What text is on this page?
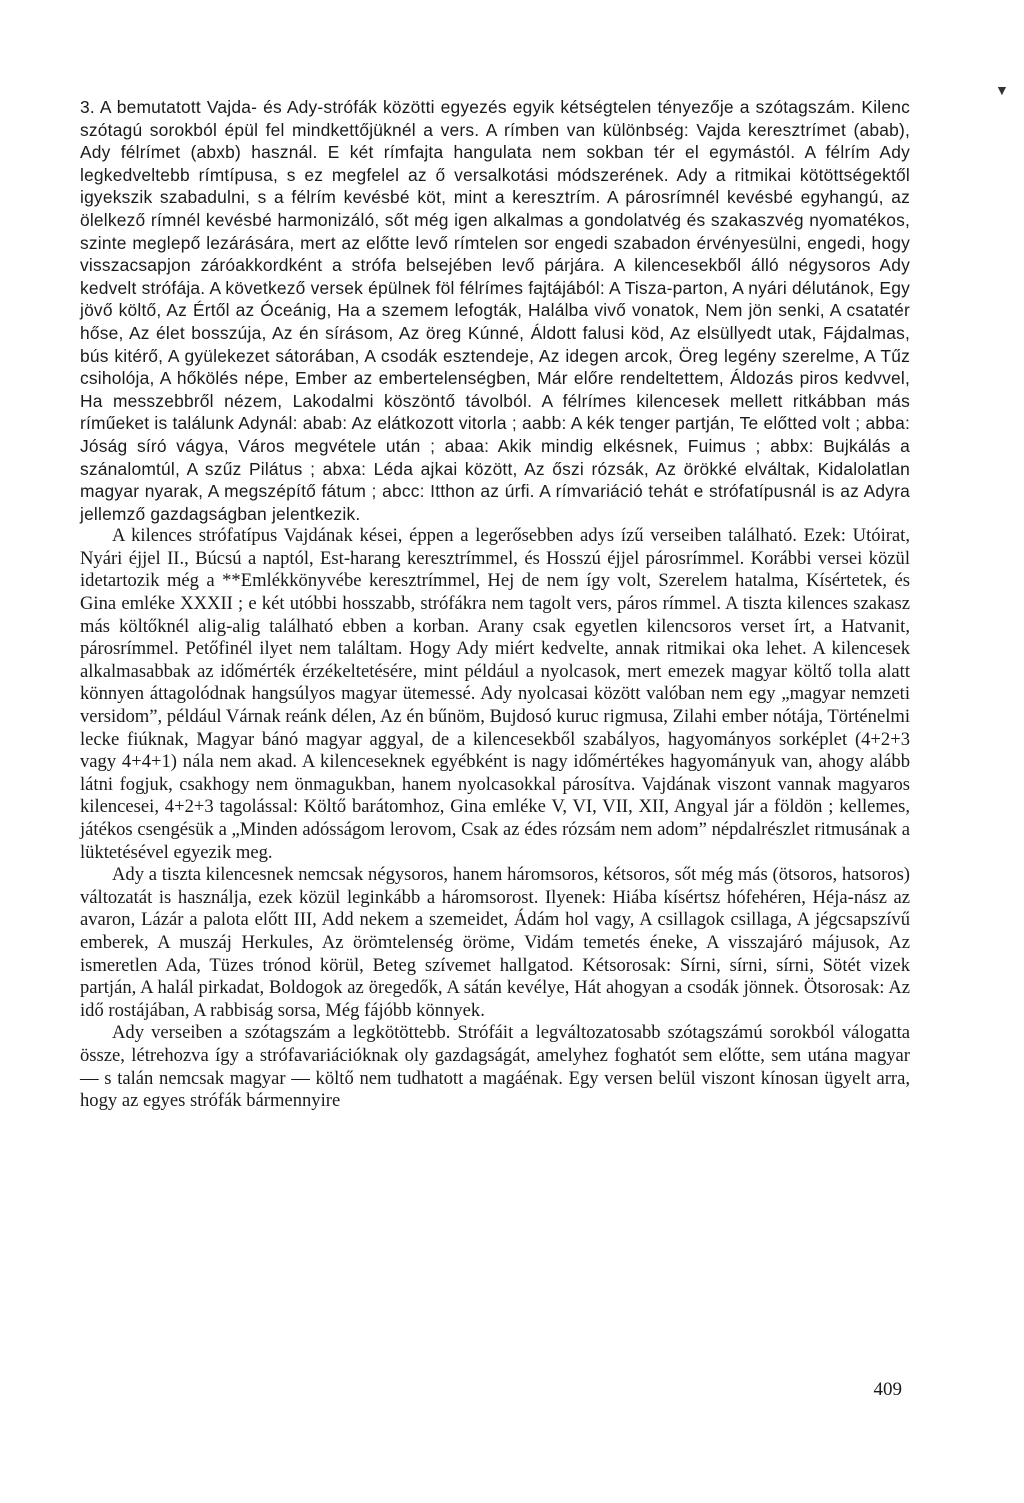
▼

3. A bemutatott Vajda- és Ady-strófák közötti egyezés egyik kétségtelen tényezője a szótagszám. Kilenc szótagú sorokból épül fel mindkettőjüknél a vers. A rímben van különbség: Vajda keresztrímet (abab), Ady félrímet (abxb) használ. E két rímfajta hangulata nem sokban tér el egymástól. A félrím Ady legkedveltebb rímtípusa, s ez megfelel az ő versalkotási módszerének. Ady a ritmikai kötöttségektől igyekszik szabadulni, s a félrím kevésbé köt, mint a keresztrím. A párosrímnél kevésbé egyhangú, az ölelkező rímnél kevésbé harmonizáló, sőt még igen alkalmas a gondolatvég és szakaszvég nyomatékos, szinte meglepő lezárására, mert az előtte levő rímtelen sor engedi szabadon érvényesülni, engedi, hogy visszacsapjon záróakkordként a strófa belsejében levő párjára. A kilencesekből álló négysoros Ady kedvelt strófája. A következő versek épülnek föl félrímes fajtájából: A Tisza-parton, A nyári délutánok, Egy jövő költő, Az Értől az Óceánig, Ha a szemem lefogták, Halálba vivő vonatok, Nem jön senki, A csatatér hőse, Az élet bosszúja, Az én sírásom, Az öreg Kúnné, Áldott falusi köd, Az elsüllyedt utak, Fájdalmas, bús kitérő, A gyülekezet sátorában, A csodák esztendeje, Az idegen arcok, Öreg legény szerelme, A Tűz csiholója, A hőkölés népe, Ember az embertelenségben, Már előre rendeltettem, Áldozás piros kedvvel, Ha messzebbről nézem, Lakodalmi köszöntő távolból. A félrímes kilencesek mellett ritkábban más ríműeket is találunk Adynál: abab: Az elátkozott vitorla ; aabb: A kék tenger partján, Te előtted volt ; abba: Jóság síró vágya, Város megvétele után ; abaa: Akik mindig elkésnek, Fuimus ; abbx: Bujkálás a szánalomtúl, A szűz Pilátus ; abxa: Léda ajkai között, Az őszi rózsák, Az örökké elváltak, Kidalolatlan magyar nyarak, A megszépítő fátum ; abcc: Itthon az úrfi. A rímvariáció tehát e strófatípusnál is az Adyra jellemző gazdagságban jelentkezik.

A kilences strófatípus Vajdának kései, éppen a legerősebben adys ízű verseiben található. Ezek: Utóirat, Nyári éjjel II., Búcsú a naptól, Est-harang keresztrímmel, és Hosszú éjjel párosrímmel. Korábbi versei közül idetartozik még a **Emlékkönyvébe keresztrímmel, Hej de nem így volt, Szerelem hatalma, Kísértetek, és Gina emléke XXXII ; e két utóbbi hosszabb, strófákra nem tagolt vers, páros rímmel. A tiszta kilences szakasz más költőknél alig-alig található ebben a korban. Arany csak egyetlen kilencsoros verset írt, a Hatvanit, párosrímmel. Petőfinél ilyet nem találtam. Hogy Ady miért kedvelte, annak ritmikai oka lehet. A kilencesek alkalmasabbak az időmérték érzékeltetésére, mint például a nyolcasok, mert emezek magyar költő tolla alatt könnyen áttagolódnak hangsúlyos magyar ütemessé. Ady nyolcasai között valóban nem egy „magyar nemzeti versidom”, például Várnak reánk délen, Az én bűnöm, Bujdosó kuruc rigmusa, Zilahi ember nótája, Történelmi lecke fiúknak, Magyar bánó magyar aggyal, de a kilencesekből szabályos, hagyományos sorképlet (4+2+3 vagy 4+4+1) nála nem akad. A kilenceseknek egyébként is nagy időmértékes hagyományuk van, ahogy alább látni fogjuk, csakhogy nem önmagukban, hanem nyolcasokkal párosítva. Vajdának viszont vannak magyaros kilencesei, 4+2+3 tagolással: Költő barátomhoz, Gina emléke V, VI, VII, XII, Angyal jár a földön ; kellemes, játékos csengésük a „Minden adósságom lerovom, Csak az édes rózsám nem adom” népdalrészlet ritmusának a lüktetésével egyezik meg.

Ady a tiszta kilencesnek nemcsak négysoros, hanem háromsoros, kétsoros, sőt még más (ötsoros, hatsoros) változatát is használja, ezek közül leginkább a háromsorost. Ilyenek: Hiába kísértsz hófehéren, Héja-nász az avaron, Lázár a palota előtt III, Add nekem a szemeidet, Ádám hol vagy, A csillagok csillaga, A jégcsapszívű emberek, A muszáj Herkules, Az örömtelenség öröme, Vidám temetés éneke, A visszajáró májusok, Az ismeretlen Ada, Tüzes trónod körül, Beteg szívemet hallgatod. Kétsorosak: Sírni, sírni, sírni, Sötét vizek partján, A halál pirkadat, Boldogok az öregedők, A sátán kevélye, Hát ahogyan a csodák jönnek. Ötsorosak: Az idő rostájában, A rabbiság sorsa, Még fájóbb könnyek.

Ady verseiben a szótagszám a legkötöttebb. Strófáit a legváltozatosabb szótagszámú sorokból válogatta össze, létrehozva így a strófavariációknak oly gazdagságát, amelyhez foghatót sem előtte, sem utána magyar — s talán nemcsak magyar — költő nem tudhatott a magáénak. Egy versen belül viszont kínosan ügyelt arra, hogy az egyes strófák bármennyire

409
